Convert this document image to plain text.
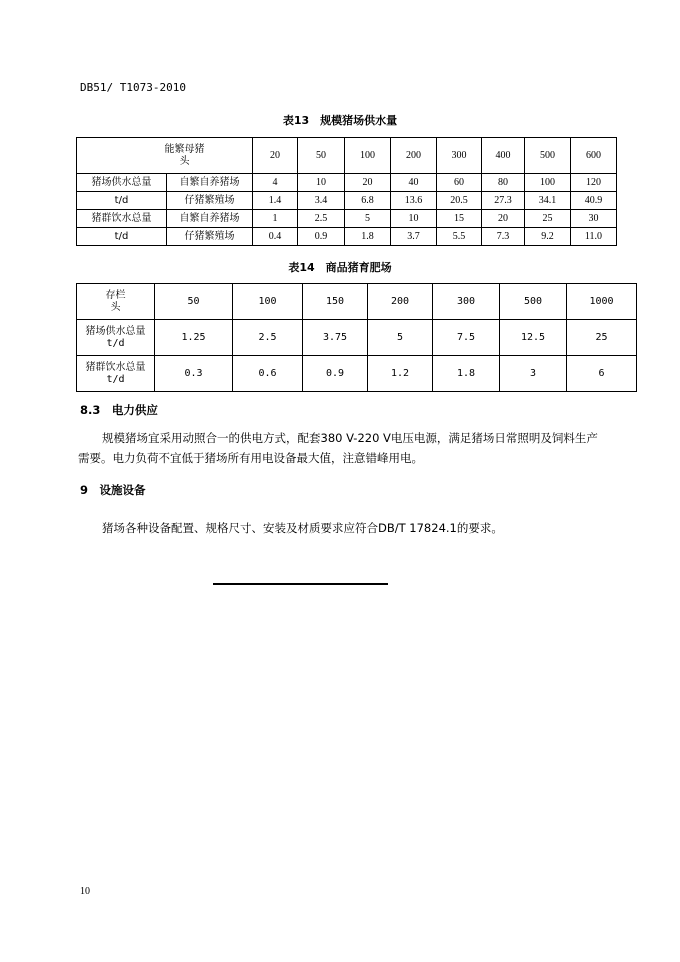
DB51/ T1073-2010
表13　规模猪场供水量
能繁母猪
头		20	50	100	200	300	400	500	600
猪场供水总量	自繁自养猪场	4	10	20	40	60	80	100	120
t/d	仔猪繁殖场	1.4	3.4	6.8	13.6	20.5	27.3	34.1	40.9
猪群饮水总量	自繁自养猪场	1	2.5	5	10	15	20	25	30
t/d	仔猪繁殖场	0.4	0.9	1.8	3.7	5.5	7.3	9.2	11.0
表14　商品猪育肥场
存栏
头	50	100	150	200	300	500	1000

猪场供水总量
t/d	1.25	2.5	3.75	5	7.5	12.5	25

猪群饮水总量
t/d	0.3	0.6	0.9	1.2	1.8	3	6
8.3　电力供应
规模猪场宜采用动照合一的供电方式，配套380 V-220 V电压电源，满足猪场日常照明及饲料生产
需要。电力负荷不宜低于猪场所有用电设备最大值，注意错峰用电。
9　设施设备
猪场各种设备配置、规格尺寸、安装及材质要求应符合DB/T 17824.1的要求。
10
